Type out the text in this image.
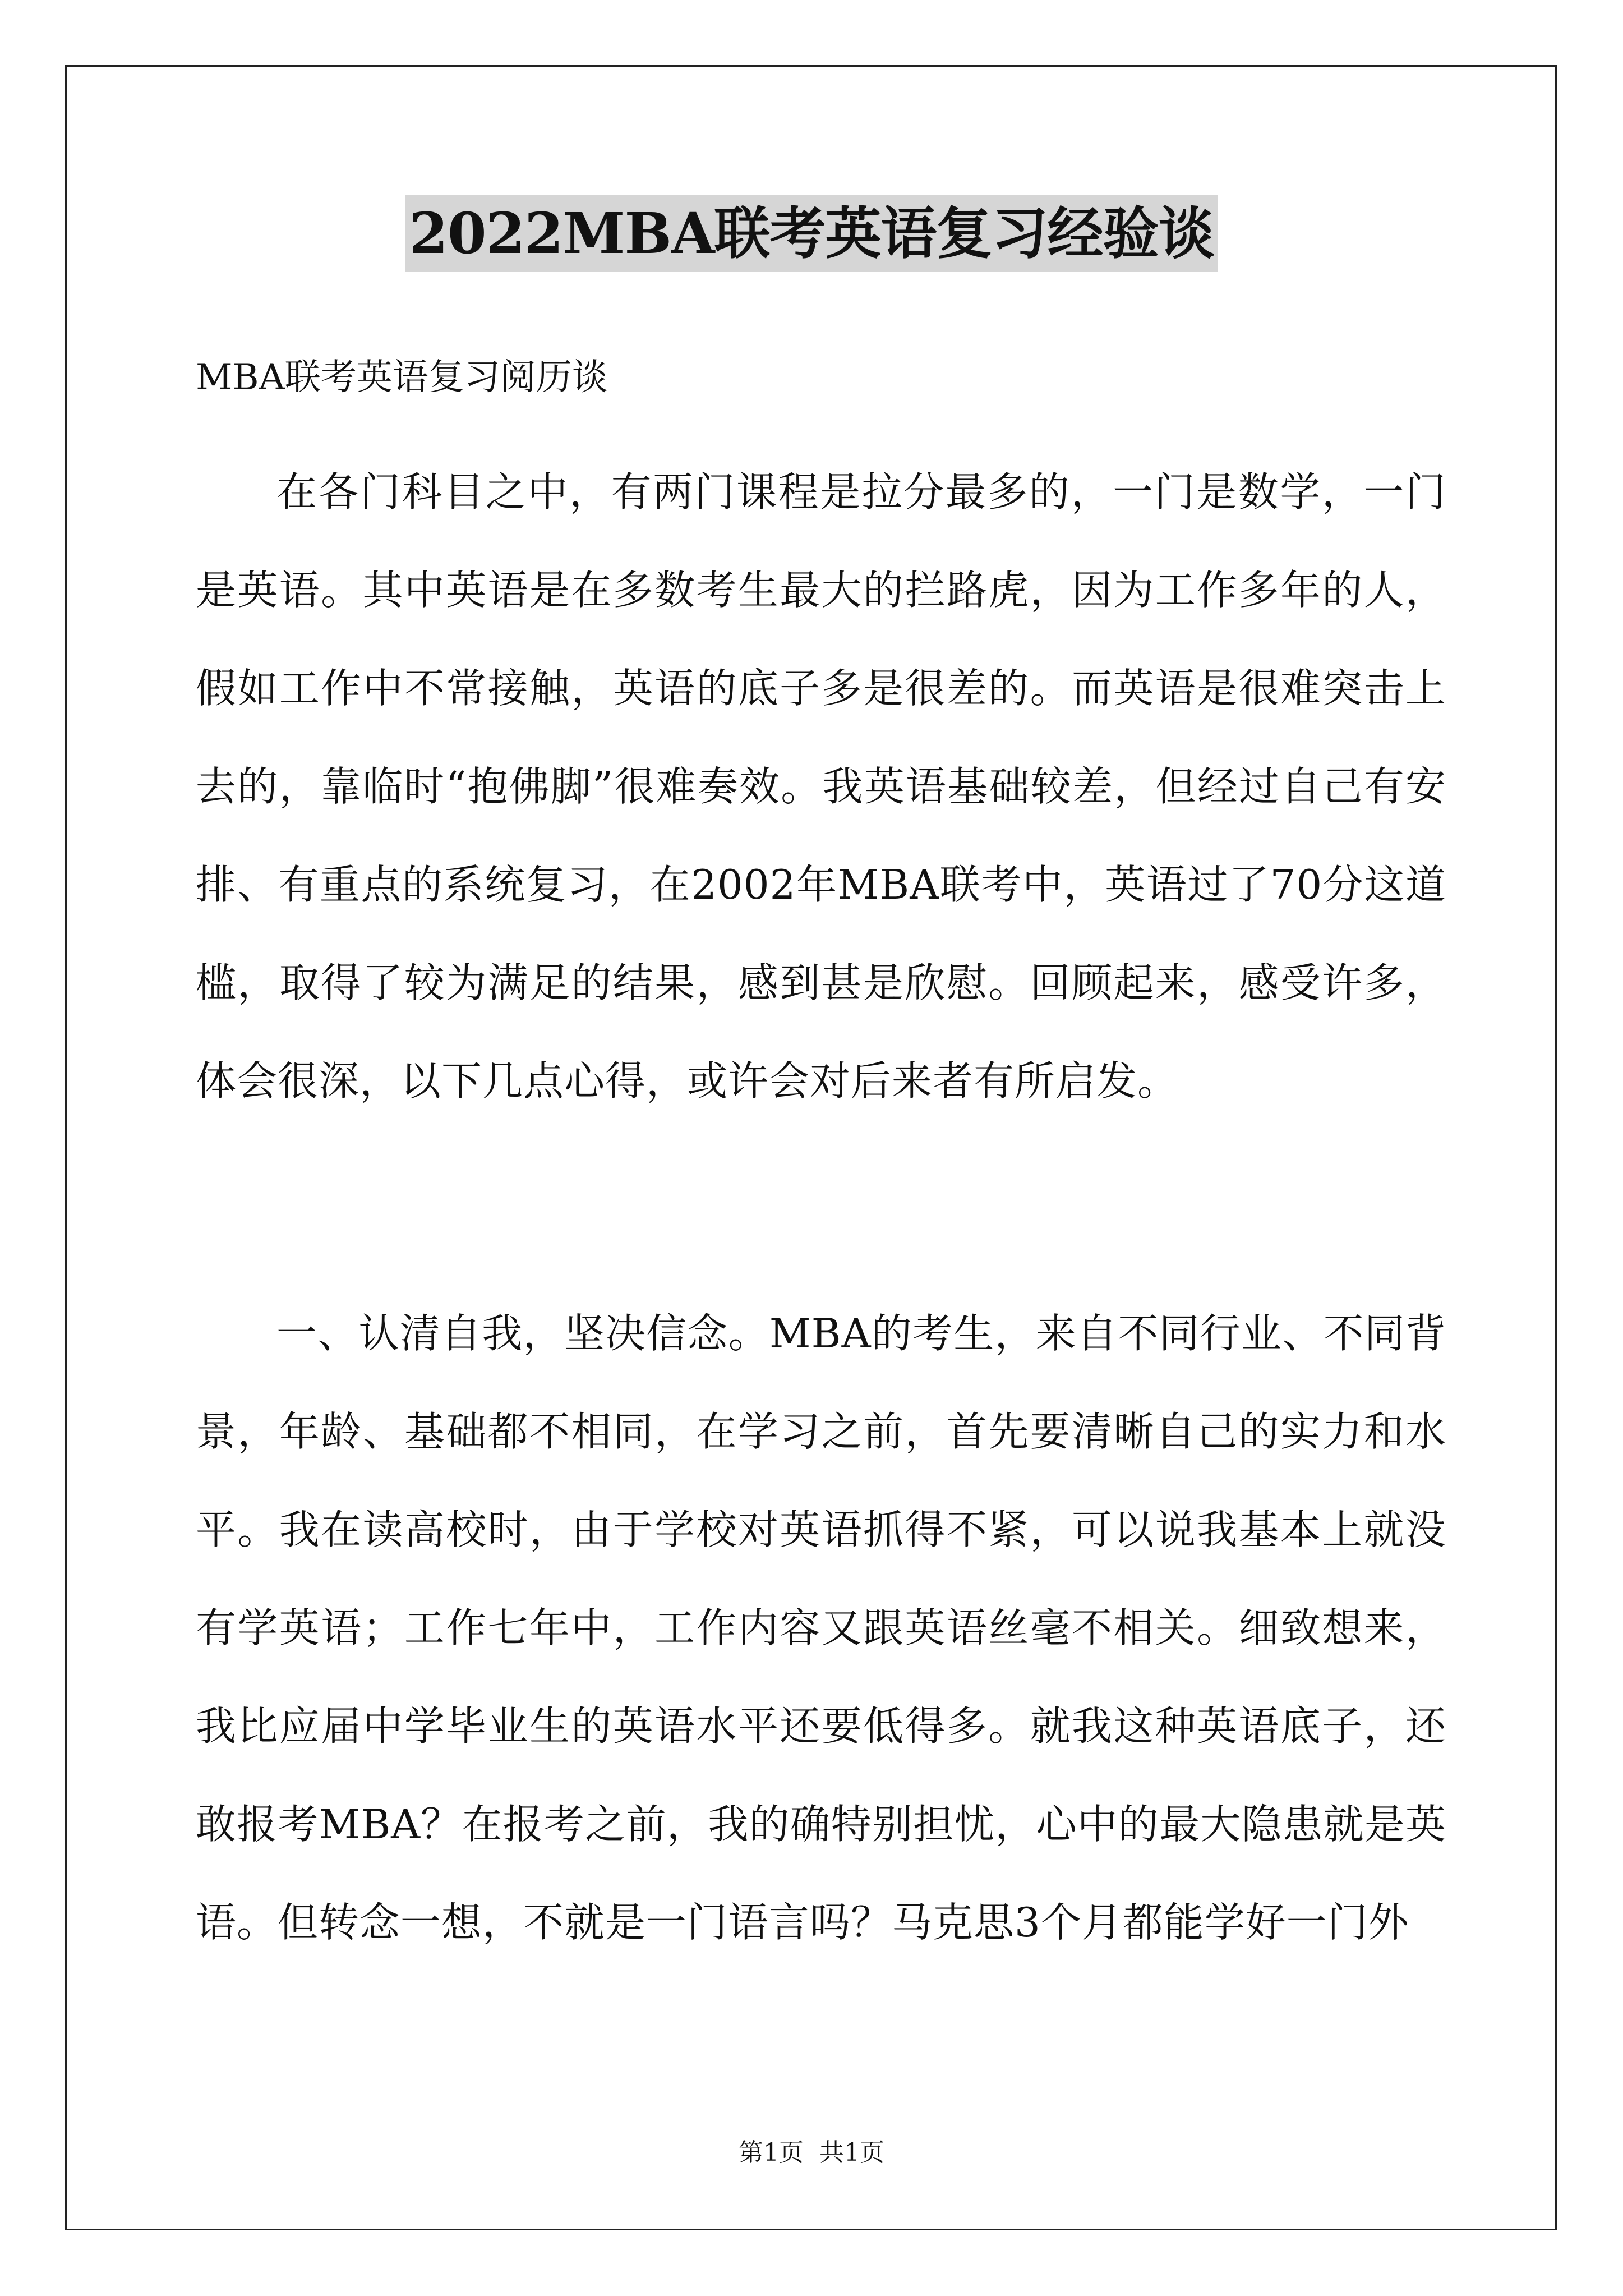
2022MBA联考英语复习经验谈
MBA联考英语复习阅历谈

在各门科目之中，有两门课程是拉分最多的，一门是数学，一门是英语。其中英语是在多数考生最大的拦路虎，因为工作多年的人，假如工作中不常接触，英语的底子多是很差的。而英语是很难突击上去的，靠临时“抱佛脚”很难奏效。我英语基础较差，但经过自己有安排、有重点的系统复习，在2002年MBA联考中，英语过了70分这道槛，取得了较为满足的结果，感到甚是欣慰。回顾起来，感受许多，体会很深，以下几点心得，或许会对后来者有所启发。

一、认清自我，坚决信念。MBA的考生，来自不同行业、不同背景，年龄、基础都不相同，在学习之前，首先要清晰自己的实力和水平。我在读高校时，由于学校对英语抓得不紧，可以说我基本上就没有学英语；工作七年中，工作内容又跟英语丝毫不相关。细致想来，我比应届中学毕业生的英语水平还要低得多。就我这种英语底子，还敢报考MBA？在报考之前，我的确特别担忧，心中的最大隐患就是英语。但转念一想，不就是一门语言吗？马克思3个月都能学好一门外

第1页 共1页
